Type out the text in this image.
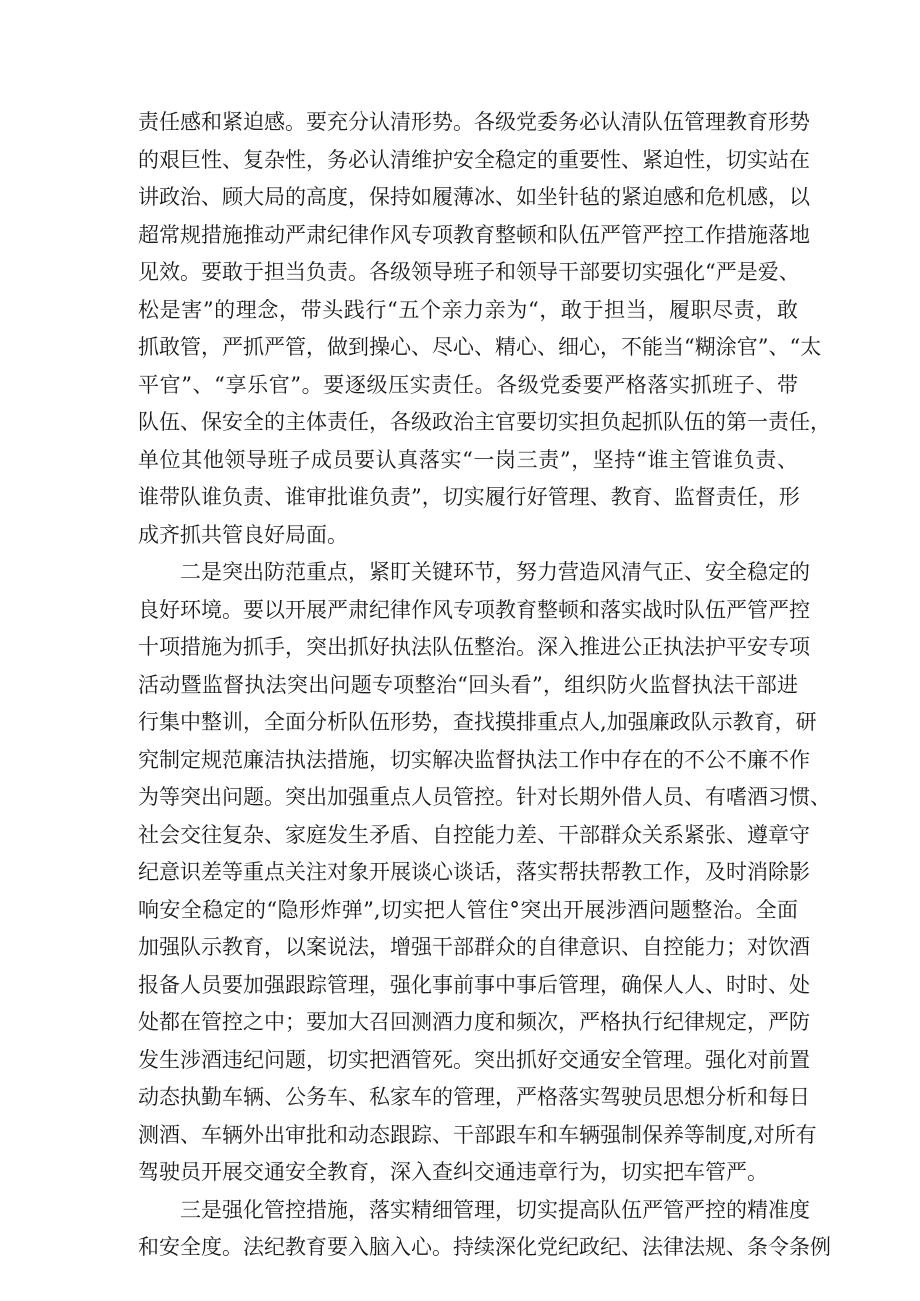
责任感和紧迫感。要充分认清形势。各级党委务必认清队伍管理教育形势
的艰巨性、复杂性，务必认清维护安全稳定的重要性、紧迫性，切实站在
讲政治、顾大局的高度，保持如履薄冰、如坐针毡的紧迫感和危机感，以
超常规措施推动严肃纪律作风专项教育整顿和队伍严管严控工作措施落地
见效。要敢于担当负责。各级领导班子和领导干部要切实强化“严是爱、
松是害”的理念，带头践行“五个亲力亲为“，敢于担当，履职尽责，敢
抓敢管，严抓严管，做到操心、尽心、精心、细心，不能当“糊涂官”、“太
平官”、“享乐官”。要逐级压实责任。各级党委要严格落实抓班子、带
队伍、保安全的主体责任，各级政治主官要切实担负起抓队伍的第一责任，
单位其他领导班子成员要认真落实“一岗三责”，坚持“谁主管谁负责、
谁带队谁负责、谁审批谁负责”，切实履行好管理、教育、监督责任，形
成齐抓共管良好局面。
二是突出防范重点，紧盯关键环节，努力营造风清气正、安全稳定的
良好环境。要以开展严肃纪律作风专项教育整顿和落实战时队伍严管严控
十项措施为抓手，突出抓好执法队伍整治。深入推进公正执法护平安专项
活动暨监督执法突出问题专项整治“回头看”，组织防火监督执法干部进
行集中整训，全面分析队伍形势，查找摸排重点人,加强廉政队示教育，研
究制定规范廉洁执法措施，切实解决监督执法工作中存在的不公不廉不作
为等突出问题。突出加强重点人员管控。针对长期外借人员、有嗜酒习惯、
社会交往复杂、家庭发生矛盾、自控能力差、干部群众关系紧张、遵章守
纪意识差等重点关注对象开展谈心谈话，落实帮扶帮教工作，及时消除影
响安全稳定的“隐形炸弹”,切实把人管住°突出开展涉酒问题整治。全面
加强队示教育，以案说法，增强干部群众的自律意识、自控能力；对饮酒
报备人员要加强跟踪管理，强化事前事中事后管理，确保人人、时时、处
处都在管控之中；要加大召回测酒力度和频次，严格执行纪律规定，严防
发生涉酒违纪问题，切实把酒管死。突出抓好交通安全管理。强化对前置
动态执勤车辆、公务车、私家车的管理，严格落实驾驶员思想分析和每日
测酒、车辆外出审批和动态跟踪、干部跟车和车辆强制保养等制度,对所有
驾驶员开展交通安全教育，深入查纠交通违章行为，切实把车管严。
三是强化管控措施，落实精细管理，切实提高队伍严管严控的精准度
和安全度。法纪教育要入脑入心。持续深化党纪政纪、法律法规、条令条例
